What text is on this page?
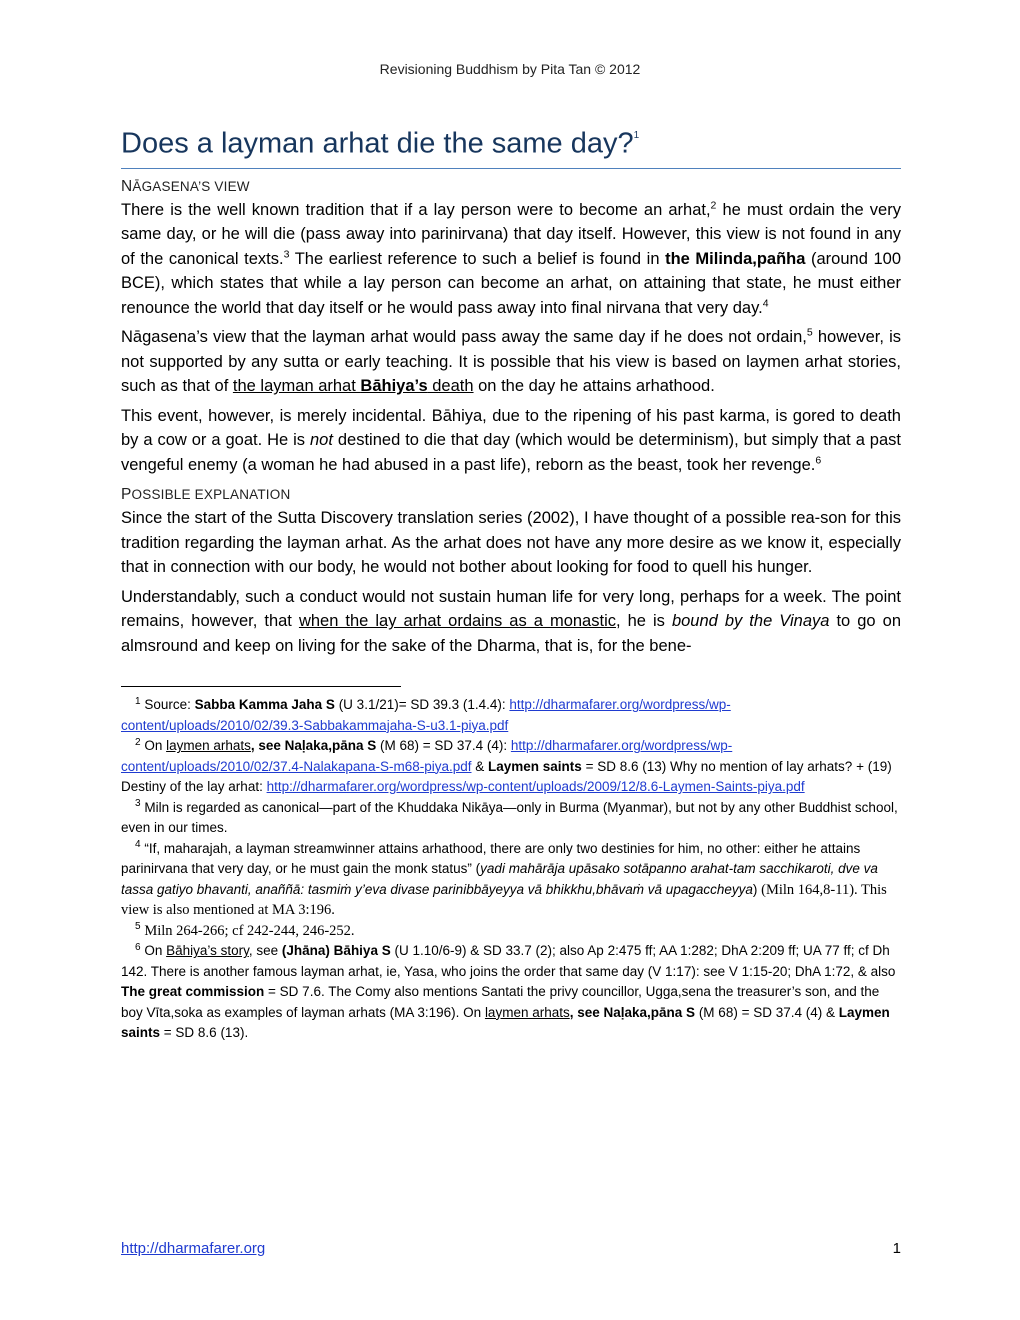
Revisioning Buddhism by Pita Tan © 2012
Does a layman arhat die the same day?$^1$
NĀGASENA’S VIEW

There is the well known tradition that if a lay person were to become an arhat,$^2$ he must ordain the very same day, or he will die (pass away into parinirvana) that day itself. However, this view is not found in any of the canonical texts.$^3$ The earliest reference to such a belief is found in the Milinda,pañha (around 100 BCE), which states that while a lay person can become an arhat, on attaining that state, he must either renounce the world that day itself or he would pass away into final nirvana that very day.$^4$

Nāgasena’s view that the layman arhat would pass away the same day if he does not ordain,$^5$ however, is not supported by any sutta or early teaching. It is possible that his view is based on laymen arhat stories, such as that of the layman arhat Bāhiya’s death on the day he attains arhathood.

This event, however, is merely incidental. Bāhiya, due to the ripening of his past karma, is gored to death by a cow or a goat. He is not destined to die that day (which would be determinism), but simply that a past vengeful enemy (a woman he had abused in a past life), reborn as the beast, took her revenge.$^6$

POSSIBLE EXPLANATION

Since the start of the Sutta Discovery translation series (2002), I have thought of a possible rea-son for this tradition regarding the layman arhat. As the arhat does not have any more desire as we know it, especially that in connection with our body, he would not bother about looking for food to quell his hunger.

Understandably, such a conduct would not sustain human life for very long, perhaps for a week. The point remains, however, that when the lay arhat ordains as a monastic, he is bound by the Vinaya to go on almsround and keep on living for the sake of the Dharma, that is, for the bene-

$^1$ Source: Sabba Kamma Jaha S (U 3.1/21)= SD 39.3 (1.4.4): http://dharmafarer.org/wordpress/wp-content/uploads/2010/02/39.3-Sabbakammajaha-S-u3.1-piya.pdf

$^2$ On laymen arhats, see Naḷaka,pāna S (M 68) = SD 37.4 (4): http://dharmafarer.org/wordpress/wp-content/uploads/2010/02/37.4-Nalakapana-S-m68-piya.pdf & Laymen saints = SD 8.6 (13) Why no mention of lay arhats? + (19) Destiny of the lay arhat: http://dharmafarer.org/wordpress/wp-content/uploads/2009/12/8.6-Laymen-Saints-piya.pdf

$^3$ Miln is regarded as canonical—part of the Khuddaka Nikāya—only in Burma (Myanmar), but not by any other Buddhist school, even in our times.

$^4$ “If, maharajah, a layman streamwinner attains arhathood, there are only two destinies for him, no other: either he attains parinirvana that very day, or he must gain the monk status” (yadi mahārāja upāsako sotāpanno arahat-tam sacchikaroti, dve va tassa gatiyo bhavanti, anaññā: tasmiṁ y’eva divase parinibbāyeyya vā bhikkhu,bhāvaṁ vā upagaccheyya) (Miln 164,8-11). This view is also mentioned at MA 3:196.

$^5$ Miln 264-266; cf 242-244, 246-252.

$^6$ On Bāhiya’s story, see (Jhāna) Bāhiya S (U 1.10/6-9) & SD 33.7 (2); also Ap 2:475 ff; AA 1:282; DhA 2:209 ff; UA 77 ff; cf Dh 142. There is another famous layman arhat, ie, Yasa, who joins the order that same day (V 1:17): see V 1:15-20; DhA 1:72, & also The great commission = SD 7.6. The Comy also mentions Santati the privy councillor, Ugga,sena the treasurer’s son, and the boy Vīta,soka as examples of layman arhats (MA 3:196). On laymen arhats, see Naḷaka,pāna S (M 68) = SD 37.4 (4) & Laymen saints = SD 8.6 (13).

http://dharmafarer.org	1
